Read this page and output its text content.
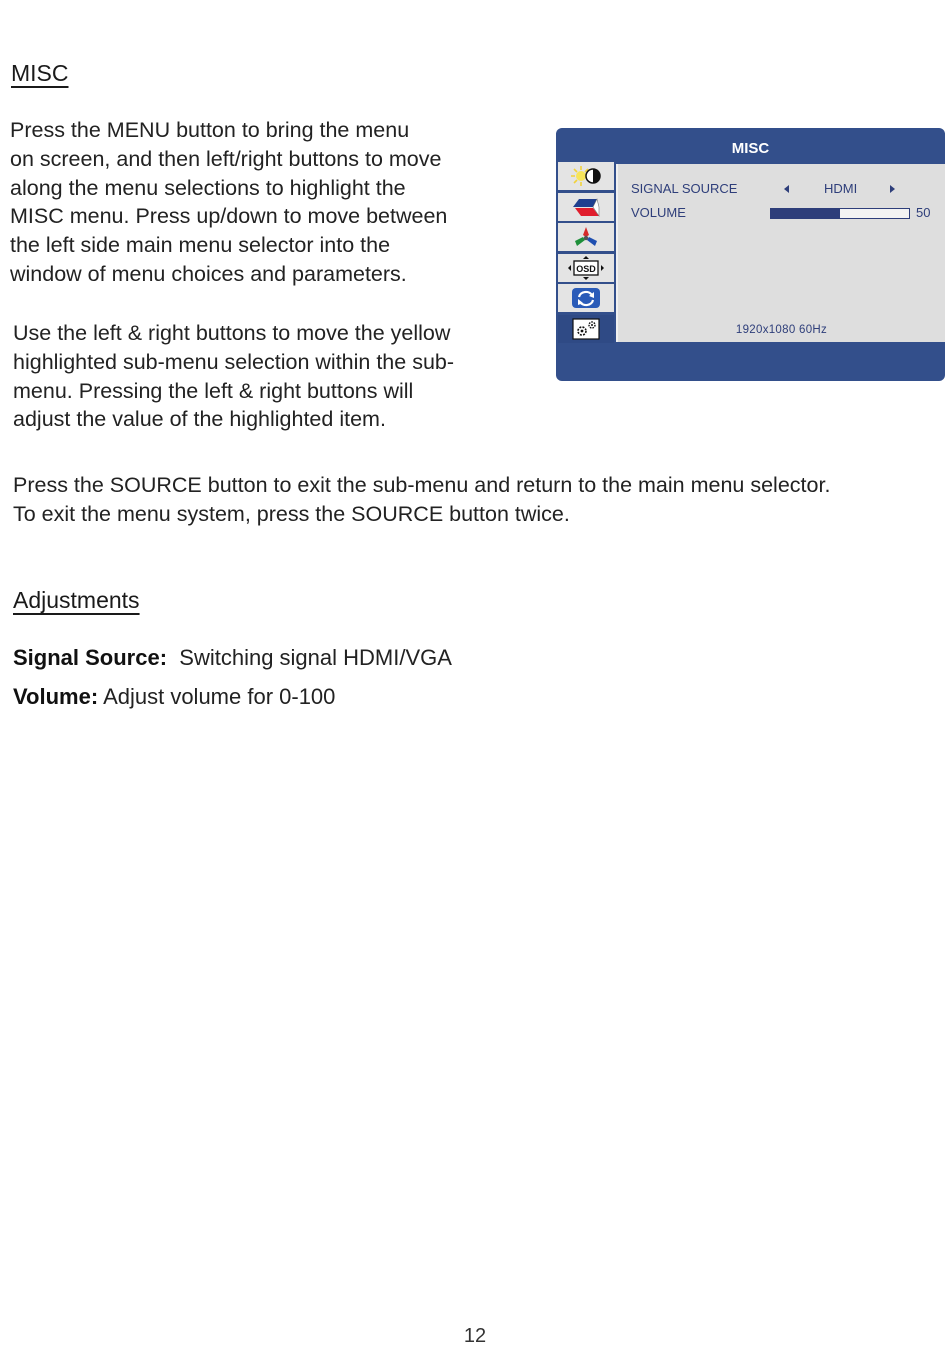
MISC

Press the MENU button to bring the menu
on screen, and then left/right buttons to move
along the menu selections to highlight the
MISC menu. Press up/down to move between
the left side main menu selector into the
window of menu choices and parameters.

Use the left & right buttons to move the yellow
highlighted sub-menu selection within the sub-
menu. Pressing the left & right buttons will
adjust the value of the highlighted item.

MISC
OSD
SIGNAL SOURCE	HDMI
VOLUME	50
1920x1080 60Hz

Press the SOURCE button to exit the sub-menu and return to the main menu selector.
To exit the menu system, press the SOURCE button twice.

Adjustments

Signal Source: Switching signal HDMI/VGA

Volume: Adjust volume for 0-100

12
